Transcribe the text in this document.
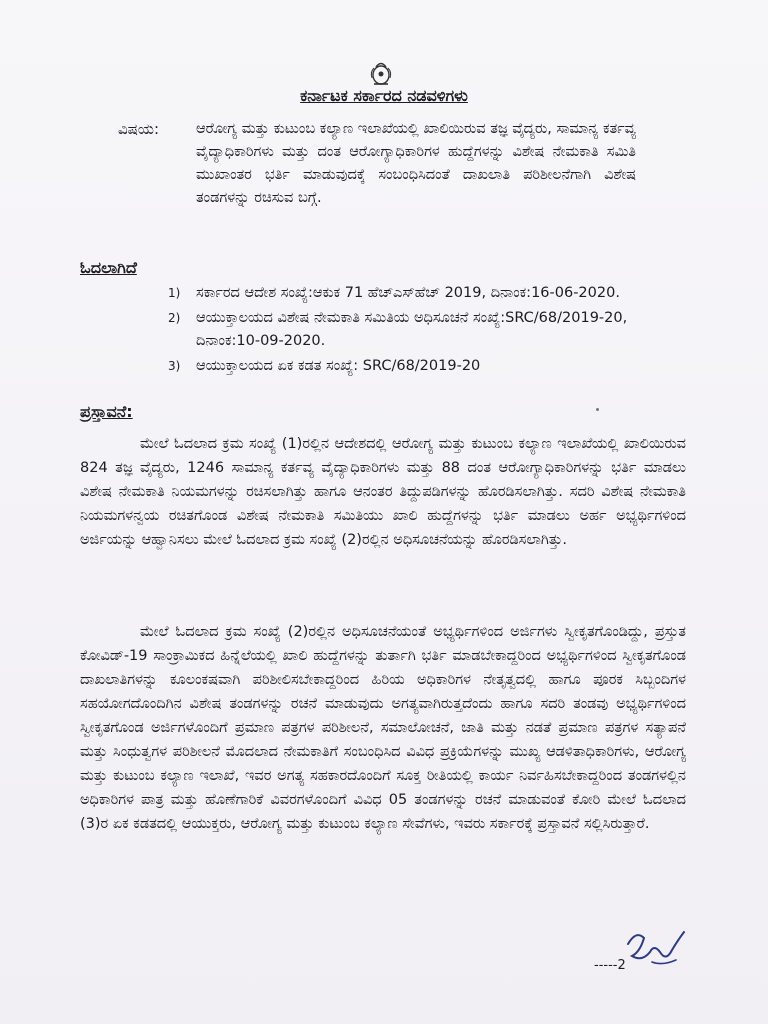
ಕರ್ನಾಟಕ ಸರ್ಕಾರದ ನಡವಳಿಗಳು
ವಿಷಯ:	ಆರೋಗ್ಯ ಮತ್ತು ಕುಟುಂಬ ಕಲ್ಯಾಣ ಇಲಾಖೆಯಲ್ಲಿ ಖಾಲಿಯಿರುವ ತಜ್ಞ ವೈದ್ಯರು, ಸಾಮಾನ್ಯ ಕರ್ತವ್ಯ ವೈದ್ಯಾಧಿಕಾರಿಗಳು ಮತ್ತು ದಂತ ಆರೋಗ್ಯಾಧಿಕಾರಿಗಳ ಹುದ್ದೆಗಳನ್ನು ವಿಶೇಷ ನೇಮಕಾತಿ ಸಮಿತಿ ಮುಖಾಂತರ ಭರ್ತಿ ಮಾಡುವುದಕ್ಕೆ ಸಂಬಂಧಿಸಿದಂತೆ ದಾಖಲಾತಿ ಪರಿಶೀಲನೆಗಾಗಿ ವಿಶೇಷ ತಂಡಗಳನ್ನು ರಚಿಸುವ ಬಗ್ಗೆ.
ಓದಲಾಗಿದೆ
1) ಸರ್ಕಾರದ ಆದೇಶ ಸಂಖ್ಯೆ:ಆಕುಕ 71 ಹೆಚ್‌ಎಸ್‌ಹೆಚ್ 2019, ದಿನಾಂಕ:16-06-2020.
2) ಆಯುಕ್ತಾಲಯದ ವಿಶೇಷ ನೇಮಕಾತಿ ಸಮಿತಿಯ ಅಧಿಸೂಚನೆ ಸಂಖ್ಯೆ:SRC/68/2019-20, ದಿನಾಂಕ:10-09-2020.
3) ಆಯುಕ್ತಾಲಯದ ಏಕ ಕಡತ ಸಂಖ್ಯೆ: SRC/68/2019-20
ಪ್ರಸ್ತಾವನೆ:

ಮೇಲೆ ಓದಲಾದ ಕ್ರಮ ಸಂಖ್ಯೆ (1)ರಲ್ಲಿನ ಆದೇಶದಲ್ಲಿ ಆರೋಗ್ಯ ಮತ್ತು ಕುಟುಂಬ ಕಲ್ಯಾಣ ಇಲಾಖೆಯಲ್ಲಿ ಖಾಲಿಯಿರುವ 824 ತಜ್ಞ ವೈದ್ಯರು, 1246 ಸಾಮಾನ್ಯ ಕರ್ತವ್ಯ ವೈದ್ಯಾಧಿಕಾರಿಗಳು ಮತ್ತು 88 ದಂತ ಆರೋಗ್ಯಾಧಿಕಾರಿಗಳನ್ನು ಭರ್ತಿ ಮಾಡಲು ವಿಶೇಷ ನೇಮಕಾತಿ ನಿಯಮಗಳನ್ನು ರಚಿಸಲಾಗಿತ್ತು ಹಾಗೂ ಆನಂತರ ತಿದ್ದುಪಡಿಗಳನ್ನು ಹೊರಡಿಸಲಾಗಿತ್ತು. ಸದರಿ ವಿಶೇಷ ನೇಮಕಾತಿ ನಿಯಮಗಳನ್ವಯ ರಚಿತಗೊಂಡ ವಿಶೇಷ ನೇಮಕಾತಿ ಸಮಿತಿಯು ಖಾಲಿ ಹುದ್ದೆಗಳನ್ನು ಭರ್ತಿ ಮಾಡಲು ಅರ್ಹ ಅಭ್ಯರ್ಥಿಗಳಿಂದ ಅರ್ಜಿಯನ್ನು ಆಹ್ವಾನಿಸಲು ಮೇಲೆ ಓದಲಾದ ಕ್ರಮ ಸಂಖ್ಯೆ (2)ರಲ್ಲಿನ ಅಧಿಸೂಚನೆಯನ್ನು ಹೊರಡಿಸಲಾಗಿತ್ತು.

ಮೇಲೆ ಓದಲಾದ ಕ್ರಮ ಸಂಖ್ಯೆ (2)ರಲ್ಲಿನ ಅಧಿಸೂಚನೆಯಂತೆ ಅಭ್ಯರ್ಥಿಗಳಿಂದ ಅರ್ಜಿಗಳು ಸ್ವೀಕೃತಗೊಂಡಿದ್ದು, ಪ್ರಸ್ತುತ ಕೋವಿಡ್-19 ಸಾಂಕ್ರಾಮಿಕದ ಹಿನ್ನೆಲೆಯಲ್ಲಿ ಖಾಲಿ ಹುದ್ದೆಗಳನ್ನು ತುರ್ತಾಗಿ ಭರ್ತಿ ಮಾಡಬೇಕಾದ್ದರಿಂದ ಅಭ್ಯರ್ಥಿಗಳಿಂದ ಸ್ವೀಕೃತಗೊಂಡ ದಾಖಲಾತಿಗಳನ್ನು ಕೂಲಂಕಷವಾಗಿ ಪರಿಶೀಲಿಸಬೇಕಾದ್ದರಿಂದ ಹಿರಿಯ ಅಧಿಕಾರಿಗಳ ನೇತೃತ್ವದಲ್ಲಿ ಹಾಗೂ ಪೂರಕ ಸಿಬ್ಬಂದಿಗಳ ಸಹಯೋಗದೊಂದಿಗಿನ ವಿಶೇಷ ತಂಡಗಳನ್ನು ರಚನೆ ಮಾಡುವುದು ಅಗತ್ಯವಾಗಿರುತ್ತದೆಂದು ಹಾಗೂ ಸದರಿ ತಂಡವು ಅಭ್ಯರ್ಥಿಗಳಿಂದ ಸ್ವೀಕೃತಗೊಂಡ ಅರ್ಜಿಗಳೊಂದಿಗೆ ಪ್ರಮಾಣ ಪತ್ರಗಳ ಪರಿಶೀಲನೆ, ಸಮಾಲೋಚನೆ, ಜಾತಿ ಮತ್ತು ನಡತೆ ಪ್ರಮಾಣ ಪತ್ರಗಳ ಸತ್ಯಾಪನೆ ಮತ್ತು ಸಿಂಧುತ್ವಗಳ ಪರಿಶೀಲನೆ ಮೊದಲಾದ ನೇಮಕಾತಿಗೆ ಸಂಬಂಧಿಸಿದ ವಿವಿಧ ಪ್ರಕ್ರಿಯೆಗಳನ್ನು ಮುಖ್ಯ ಆಡಳಿತಾಧಿಕಾರಿಗಳು, ಆರೋಗ್ಯ ಮತ್ತು ಕುಟುಂಬ ಕಲ್ಯಾಣ ಇಲಾಖೆ, ಇವರ ಅಗತ್ಯ ಸಹಕಾರದೊಂದಿಗೆ ಸೂಕ್ತ ರೀತಿಯಲ್ಲಿ ಕಾರ್ಯ ನಿರ್ವಹಿಸಬೇಕಾದ್ದರಿಂದ ತಂಡಗಳಲ್ಲಿನ ಅಧಿಕಾರಿಗಳ ಪಾತ್ರ ಮತ್ತು ಹೊಣೆಗಾರಿಕೆ ವಿವರಗಳೊಂದಿಗೆ ವಿವಿಧ 05 ತಂಡಗಳನ್ನು ರಚನೆ ಮಾಡುವಂತೆ ಕೋರಿ ಮೇಲೆ ಓದಲಾದ (3)ರ ಏಕ ಕಡತದಲ್ಲಿ ಆಯುಕ್ತರು, ಆರೋಗ್ಯ ಮತ್ತು ಕುಟುಂಬ ಕಲ್ಯಾಣ ಸೇವೆಗಳು, ಇವರು ಸರ್ಕಾರಕ್ಕೆ ಪ್ರಸ್ತಾವನೆ ಸಲ್ಲಿಸಿರುತ್ತಾರೆ.

-----2
